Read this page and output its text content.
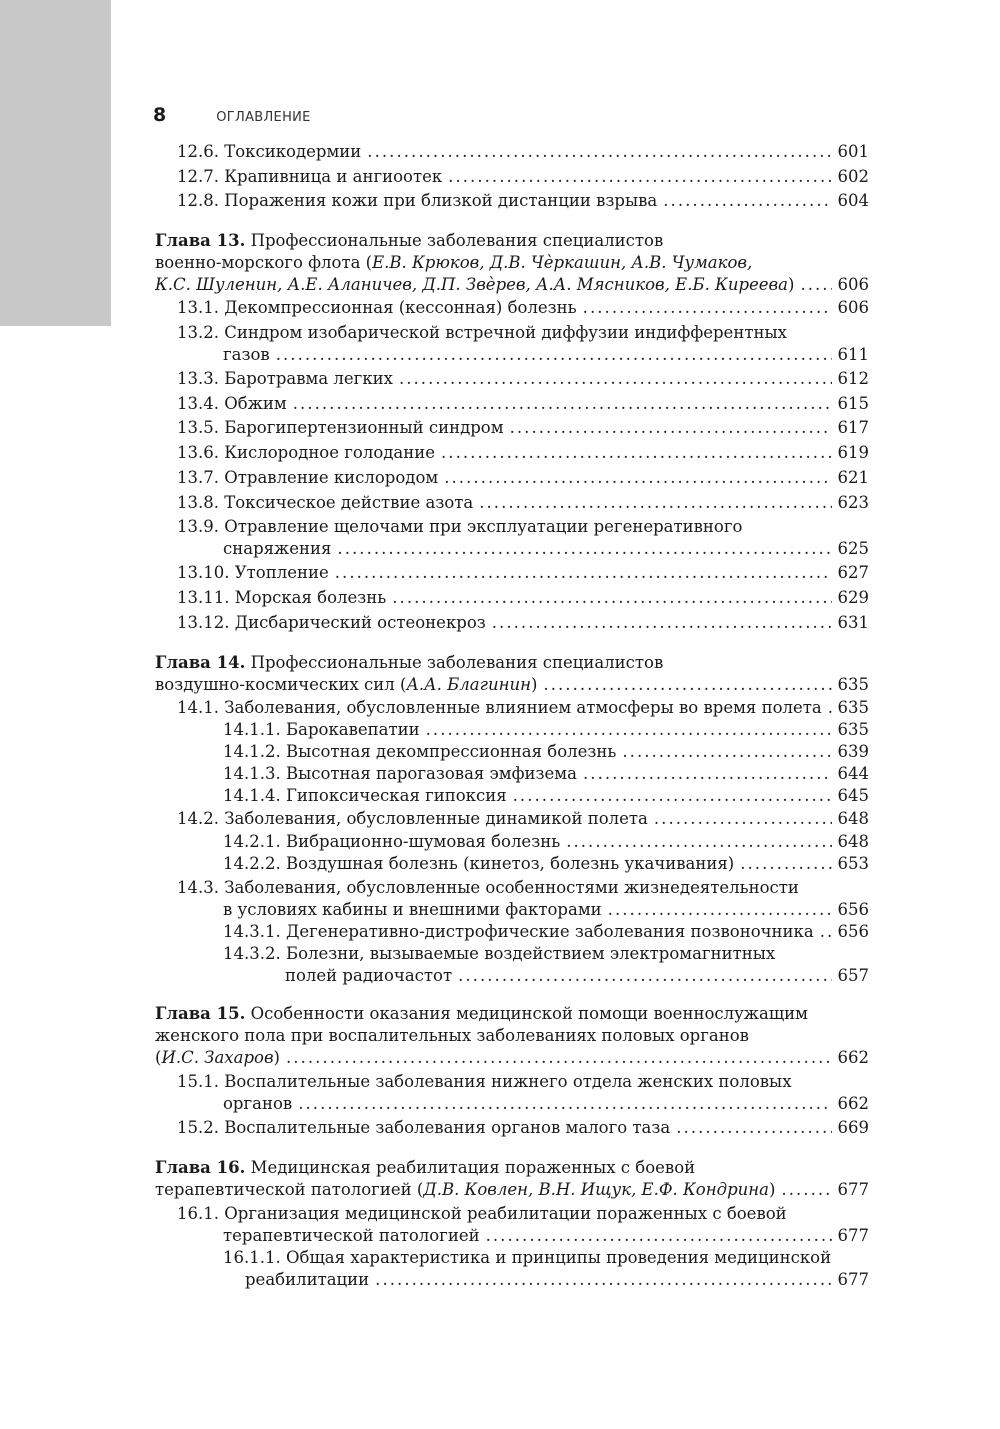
8	ОГЛАВЛЕНИЕ
12.6. Токсикодермии . . .	601
12.7. Крапивница и ангиоотек . . .	602
12.8. Поражения кожи при близкой дистанции взрыва . . .	604
Глава 13. Профессиональные заболевания специалистов
военно-морского флота (Е.В. Крюков, Д.В. Чѐркашин, А.В. Чумаков,
К.С. Шуленин, А.Е. Аланичев, Д.П. Звѐрев, А.А. Мясников, Е.Б. Киреева) . . .	606
13.1. Декомпрессионная (кессонная) болезнь . . .	606
13.2. Синдром изобарической встречной диффузии индифферентных
газов . . .	611
13.3. Баротравма легких . . .	612
13.4. Обжим . . .	615
13.5. Барогипертензионный синдром . . .	617
13.6. Кислородное голодание . . .	619
13.7. Отравление кислородом . . .	621
13.8. Токсическое действие азота . . .	623
13.9. Отравление щелочами при эксплуатации регенеративного
снаряжения . . .	625
13.10. Утопление . . .	627
13.11. Морская болезнь . . .	629
13.12. Дисбарический остеонекроз . . .	631
Глава 14. Профессиональные заболевания специалистов
воздушно-космических сил (А.А. Благинин) . . .	635
14.1. Заболевания, обусловленные влиянием атмосферы во время полета . . . 635
14.1.1. Барокавепатии . . .	635
14.1.2. Высотная декомпрессионная болезнь . . .	639
14.1.3. Высотная парогазовая эмфизема . . .	644
14.1.4. Гипоксическая гипоксия . . .	645
14.2. Заболевания, обусловленные динамикой полета . . .	648
14.2.1. Вибрационно-шумовая болезнь . . .	648
14.2.2. Воздушная болезнь (кинетоз, болезнь укачивания) . . .	653
14.3. Заболевания, обусловленные особенностями жизнедеятельности
в условиях кабины и внешними факторами . . .	656
14.3.1. Дегенеративно-дистрофические заболевания позвоночника . . .	656
14.3.2. Болезни, вызываемые воздействием электромагнитных
полей радиочастот . . .	657
Глава 15. Особенности оказания медицинской помощи военнослужащим
женского пола при воспалительных заболеваниях половых органов
(И.С. Захаров) . . .	662
15.1. Воспалительные заболевания нижнего отдела женских половых
органов . . .	662
15.2. Воспалительные заболевания органов малого таза . . .	669
Глава 16. Медицинская реабилитация пораженных с боевой
терапевтической патологией (Д.В. Ковлен, В.Н. Ищук, Е.Ф. Кондрина) . . .	677
16.1. Организация медицинской реабилитации пораженных с боевой
терапевтической патологией . . .	677
16.1.1. Общая характеристика и принципы проведения медицинской
реабилитации . . .	677
